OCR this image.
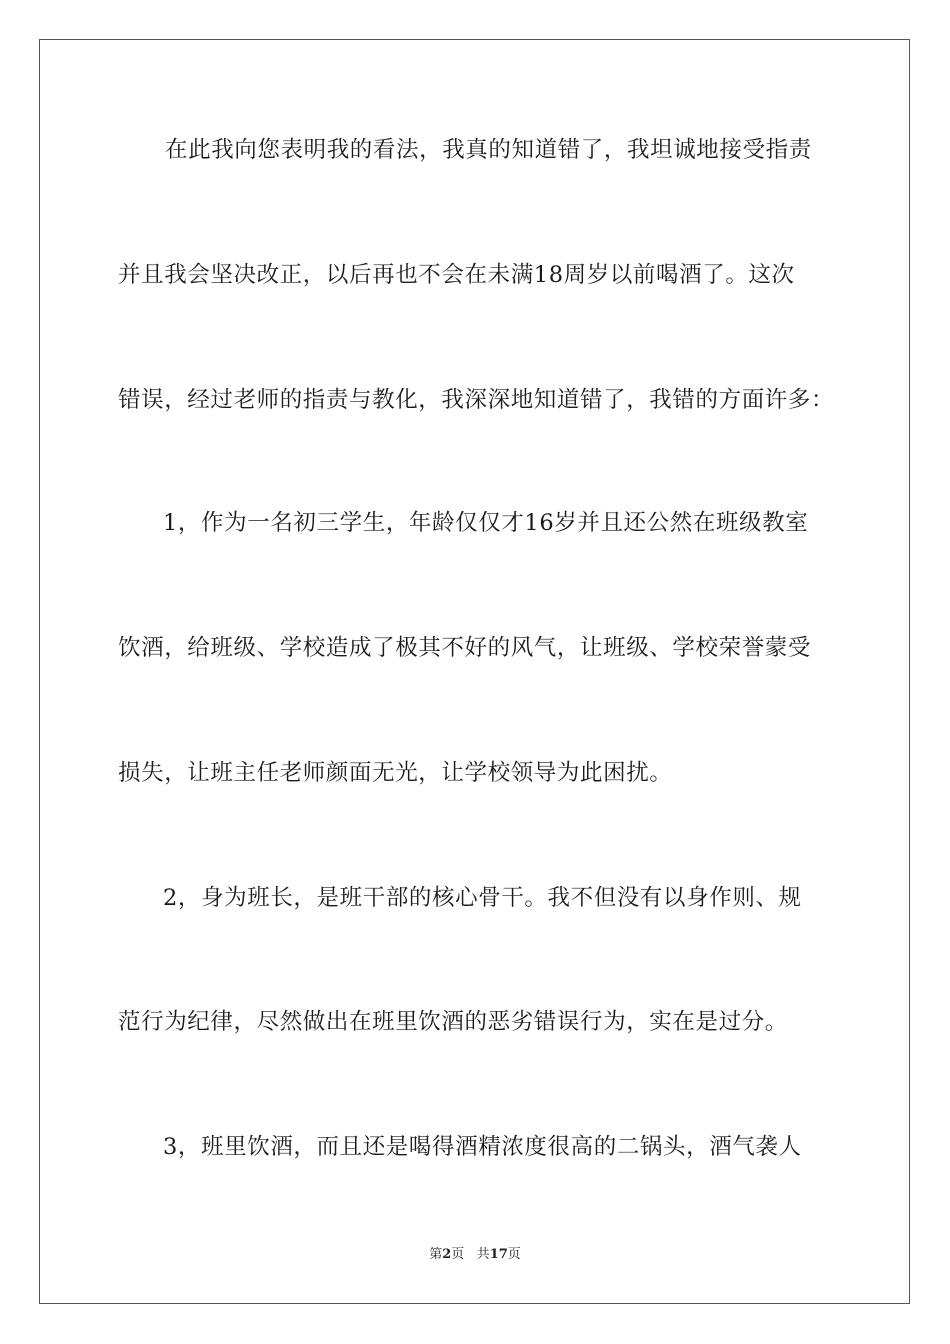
在此我向您表明我的看法，我真的知道错了，我坦诚地接受指责
并且我会坚决改正，以后再也不会在未满18周岁以前喝酒了。这次
错误，经过老师的指责与教化，我深深地知道错了，我错的方面许多：
1，作为一名初三学生，年龄仅仅才16岁并且还公然在班级教室
饮酒，给班级、学校造成了极其不好的风气，让班级、学校荣誉蒙受
损失，让班主任老师颜面无光，让学校领导为此困扰。
2，身为班长，是班干部的核心骨干。我不但没有以身作则、规
范行为纪律，尽然做出在班里饮酒的恶劣错误行为，实在是过分。
3，班里饮酒，而且还是喝得酒精浓度很高的二锅头，酒气袭人
第2页 共17页
